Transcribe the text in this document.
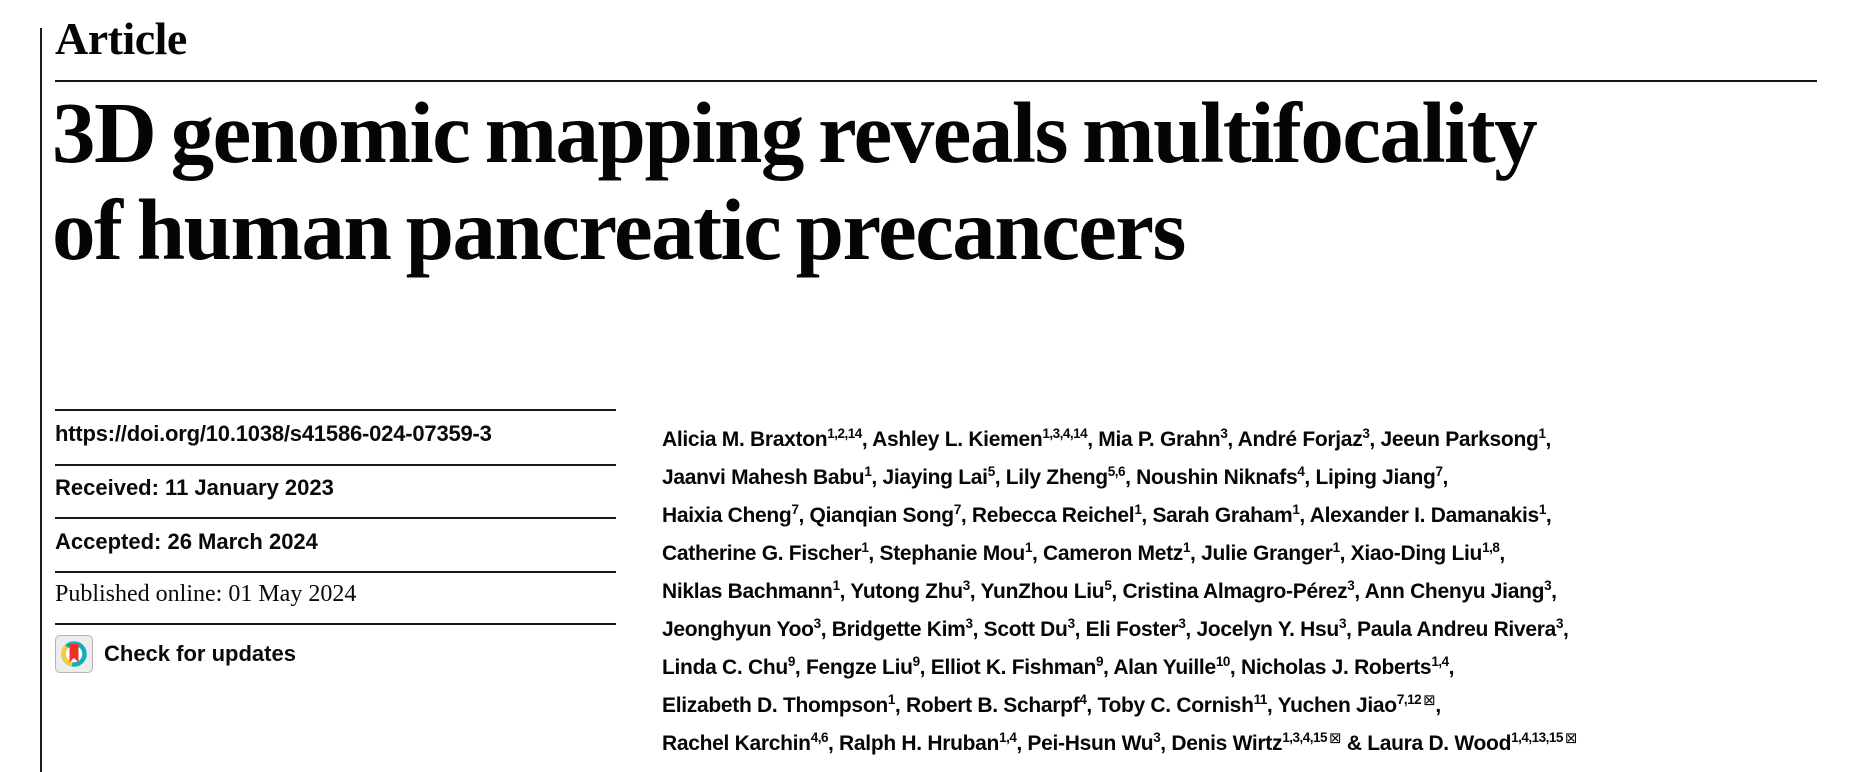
Article
3D genomic mapping reveals multifocality
of human pancreatic precancers
https://doi.org/10.1038/s41586-024-07359-3
Received: 11 January 2023
Accepted: 26 March 2024
Published online: 01 May 2024
Check for updates
Alicia M. Braxton$^{1,2,14}$, Ashley L. Kiemen$^{1,3,4,14}$, Mia P. Grahn$^3$, André Forjaz$^3$, Jeeun Parksong$^1$,
Jaanvi Mahesh Babu$^1$, Jiaying Lai$^5$, Lily Zheng$^{5,6}$, Noushin Niknafs$^4$, Liping Jiang$^7$,
Haixia Cheng$^7$, Qianqian Song$^7$, Rebecca Reichel$^1$, Sarah Graham$^1$, Alexander I. Damanakis$^1$,
Catherine G. Fischer$^1$, Stephanie Mou$^1$, Cameron Metz$^1$, Julie Granger$^1$, Xiao-Ding Liu$^{1,8}$,
Niklas Bachmann$^1$, Yutong Zhu$^3$, YunZhou Liu$^5$, Cristina Almagro-Pérez$^3$, Ann Chenyu Jiang$^3$,
Jeonghyun Yoo$^3$, Bridgette Kim$^3$, Scott Du$^3$, Eli Foster$^3$, Jocelyn Y. Hsu$^3$, Paula Andreu Rivera$^3$,
Linda C. Chu$^9$, Fengze Liu$^9$, Elliot K. Fishman$^9$, Alan Yuille$^{10}$, Nicholas J. Roberts$^{1,4}$,
Elizabeth D. Thompson$^1$, Robert B. Scharpf$^4$, Toby C. Cornish$^{11}$, Yuchen Jiao$^{7,12}$ ⊠,
Rachel Karchin$^{4,6}$, Ralph H. Hruban$^{1,4}$, Pei-Hsun Wu$^3$, Denis Wirtz$^{1,3,4,15}$ ⊠ & Laura D. Wood$^{1,4,13,15}$ ⊠
